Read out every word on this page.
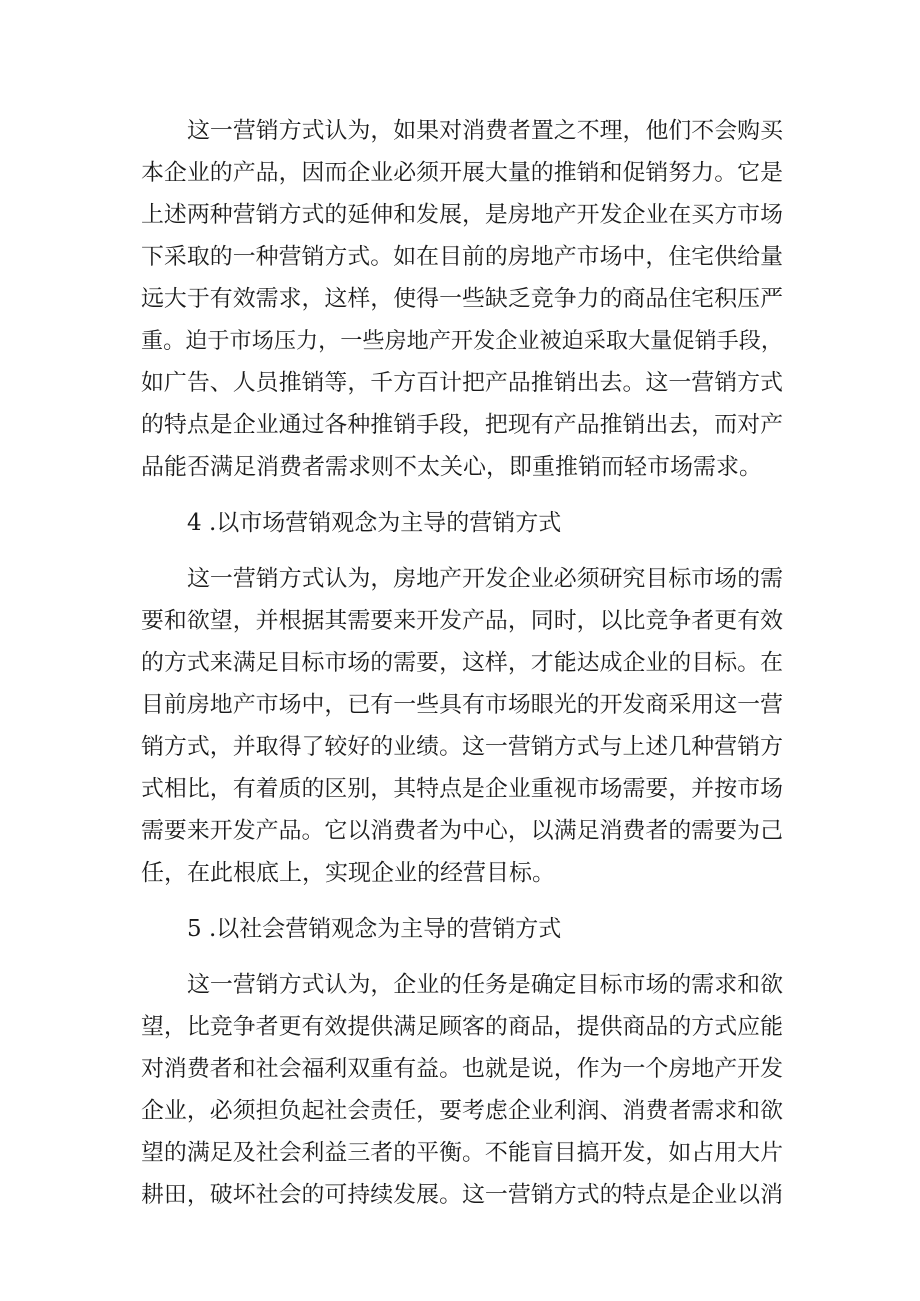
这一营销方式认为，如果对消费者置之不理，他们不会购买
本企业的产品，因而企业必须开展大量的推销和促销努力。它是
上述两种营销方式的延伸和发展，是房地产开发企业在买方市场
下采取的一种营销方式。如在目前的房地产市场中，住宅供给量
远大于有效需求，这样，使得一些缺乏竞争力的商品住宅积压严
重。迫于市场压力，一些房地产开发企业被迫采取大量促销手段，
如广告、人员推销等，千方百计把产品推销出去。这一营销方式
的特点是企业通过各种推销手段，把现有产品推销出去，而对产
品能否满足消费者需求则不太关心，即重推销而轻市场需求。
4 .以市场营销观念为主导的营销方式
这一营销方式认为，房地产开发企业必须研究目标市场的需
要和欲望，并根据其需要来开发产品，同时，以比竞争者更有效
的方式来满足目标市场的需要，这样，才能达成企业的目标。在
目前房地产市场中，已有一些具有市场眼光的开发商采用这一营
销方式，并取得了较好的业绩。这一营销方式与上述几种营销方
式相比，有着质的区别，其特点是企业重视市场需要，并按市场
需要来开发产品。它以消费者为中心，以满足消费者的需要为己
任，在此根底上，实现企业的经营目标。
5 .以社会营销观念为主导的营销方式
这一营销方式认为，企业的任务是确定目标市场的需求和欲
望，比竞争者更有效提供满足顾客的商品，提供商品的方式应能
对消费者和社会福利双重有益。也就是说，作为一个房地产开发
企业，必须担负起社会责任，要考虑企业利润、消费者需求和欲
望的满足及社会利益三者的平衡。不能盲目搞开发，如占用大片
耕田，破坏社会的可持续发展。这一营销方式的特点是企业以消
